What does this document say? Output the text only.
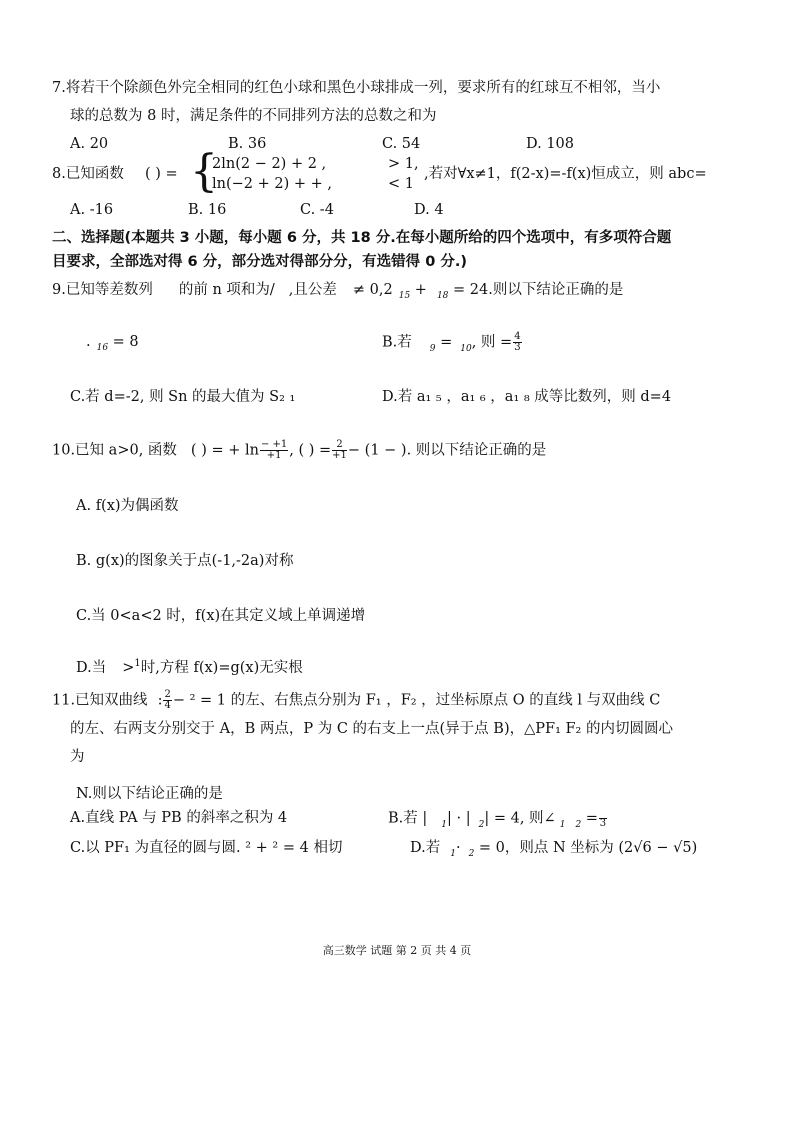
7.将若干个除颜色外完全相同的红色小球和黑色小球排成一列，要求所有的红球互不相邻，当小
球的总数为 8 时，满足条件的不同排列方法的总数之和为
A. 20	B. 36	C. 54	D. 108
8.已知函数 ( ) = {
2ln(2 − 2) + 2 ,
ln(−2 + 2) + + ,
> 1,
< 1
,若对∀x≠1，f(2-x)=-f(x)恒成立，则 abc=
A. -16	B. 16	C. -4	D. 4
二、选择题(本题共 3 小题，每小题 6 分，共 18 分.在每小题所给的四个选项中，有多项符合题
目要求，全部选对得 6 分，部分选对得部分分，有选错得 0 分.)
9.已知等差数列 的前 n 项和为/ ,且公差 ≠ 0,2 $_{15}$ + $_{18}$ = 24.则以下结论正确的是
. $_{16}$ = 8	B.若 $_9$ = $_{10}$, 则 = $\frac{4}{3}$
C.若 d=-2, 则 Sn 的最大值为 S₂ ₁	D.若 a₁ ₅ ，a₁ ₆ ，a₁ ₈ 成等比数列，则 d=4
10.已知 a>0, 函数 ( ) = + $\ln \frac{- +1}{+1}$ , ( ) = $\frac{2}{+1} - (1$ − ). 则以下结论正确的是
A. f(x)为偶函数
B. g(x)的图象关于点(-1,-2a)对称
C.当 0<a<2 时，f(x)在其定义域上单调递增
D.当 >$^1$时,方程 f(x)=g(x)无实根
11.已知双曲线 : $\frac{2}{4} - ^2 = 1$ 的左、右焦点分别为 F₁ ，F₂ ，过坐标原点 O 的直线 l 与双曲线 C
的左、右两支分别交于 A，B 两点，P 为 C 的右支上一点(异于点 B)，△PF₁ F₂ 的内切圆圆心
为
N.则以下结论正确的是
A.直线 PA 与 PB 的斜率之积为 4	B.若 | $_1$| · | $_2$| = 4, 则∠ $_1$ $_2$ = 3
C.以 PF₁ 为直径的圆与圆. ² + ² = 4 相切	D.若 $_1$· $_2$ = 0，则点 N 坐标为 (2√6 − √5)
高三数学 试题 第 2 页 共 4 页
